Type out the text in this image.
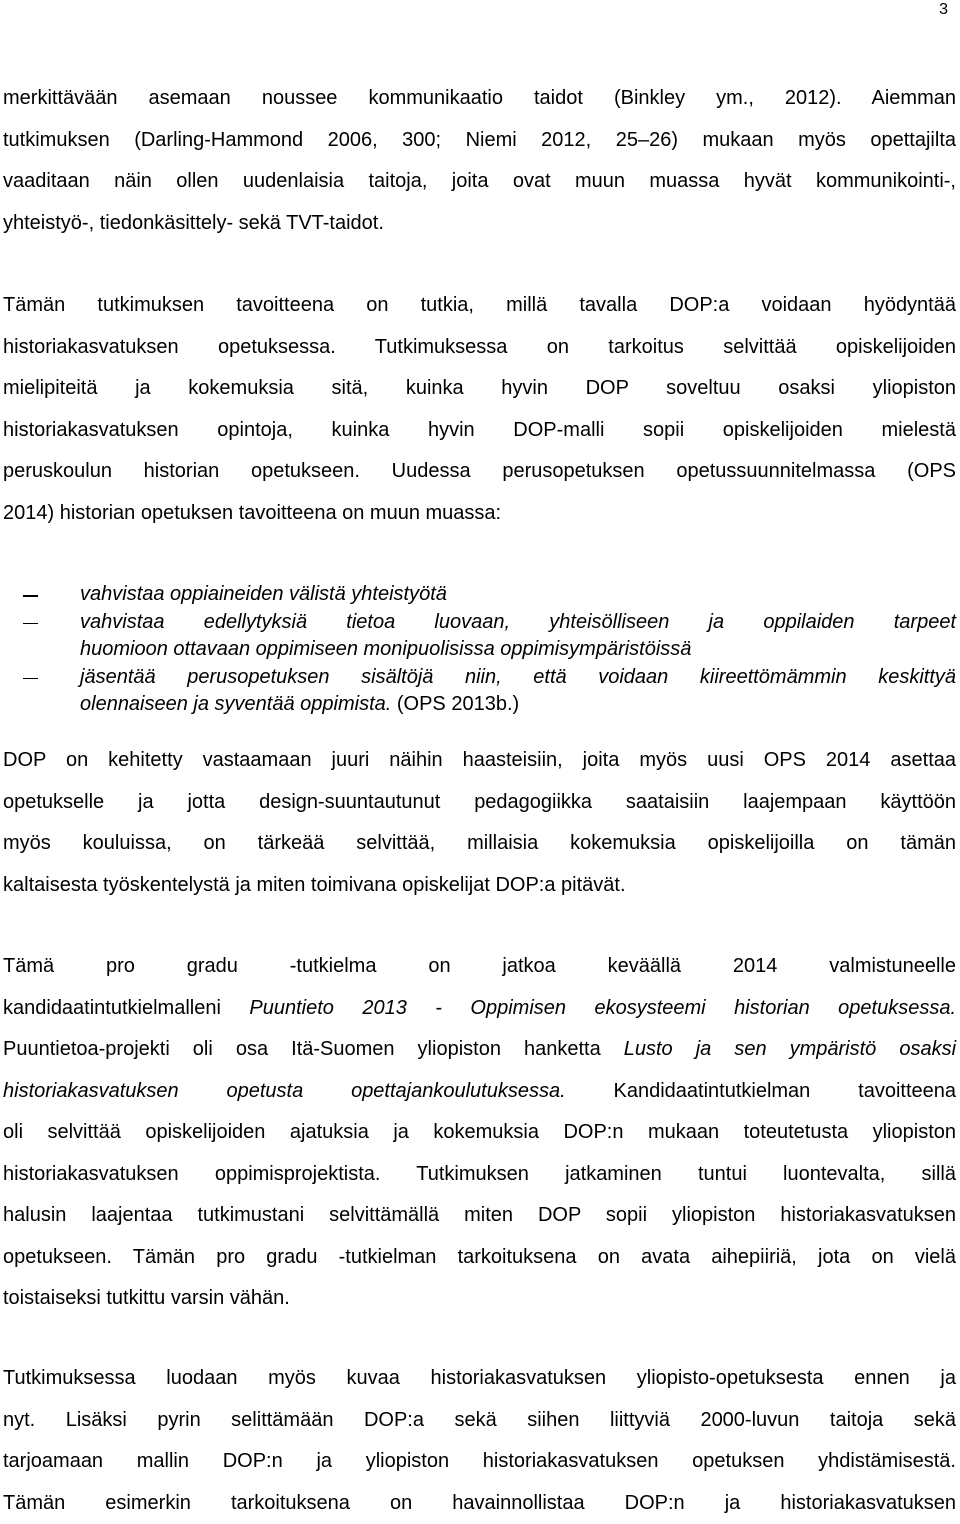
3
merkittävään asemaan noussee kommunikaatio taidot (Binkley ym., 2012). Aiemman
tutkimuksen (Darling-Hammond 2006, 300; Niemi 2012, 25–26) mukaan myös opettajilta
vaaditaan näin ollen uudenlaisia taitoja, joita ovat muun muassa hyvät kommunikointi-,
yhteistyö-, tiedonkäsittely- sekä TVT-taidot.
Tämän tutkimuksen tavoitteena on tutkia, millä tavalla DOP:a voidaan hyödyntää
historiakasvatuksen opetuksessa. Tutkimuksessa on tarkoitus selvittää opiskelijoiden
mielipiteitä ja kokemuksia sitä, kuinka hyvin DOP soveltuu osaksi yliopiston
historiakasvatuksen opintoja, kuinka hyvin DOP-malli sopii opiskelijoiden mielestä
peruskoulun historian opetukseen. Uudessa perusopetuksen opetussuunnitelmassa (OPS
2014) historian opetuksen tavoitteena on muun muassa:
vahvistaa oppiaineiden välistä yhteistyötä
vahvistaa edellytyksiä tietoa luovaan, yhteisölliseen ja oppilaiden tarpeet
huomioon ottavaan oppimiseen monipuolisissa oppimisympäristöissä
jäsentää perusopetuksen sisältöjä niin, että voidaan kiireettömämmin keskittyä
olennaiseen ja syventää oppimista. (OPS 2013b.)
DOP on kehitetty vastaamaan juuri näihin haasteisiin, joita myös uusi OPS 2014 asettaa
opetukselle ja jotta design-suuntautunut pedagogiikka saataisiin laajempaan käyttöön
myös kouluissa, on tärkeää selvittää, millaisia kokemuksia opiskelijoilla on tämän
kaltaisesta työskentelystä ja miten toimivana opiskelijat DOP:a pitävät.
Tämä pro gradu -tutkielma on jatkoa keväällä 2014 valmistuneelle
kandidaatintutkielmalleni Puuntieto 2013 - Oppimisen ekosysteemi historian opetuksessa.
Puuntietoa-projekti oli osa Itä-Suomen yliopiston hanketta Lusto ja sen ympäristö osaksi
historiakasvatuksen opetusta opettajankoulutuksessa. Kandidaatintutkielman tavoitteena
oli selvittää opiskelijoiden ajatuksia ja kokemuksia DOP:n mukaan toteutetusta yliopiston
historiakasvatuksen oppimisprojektista. Tutkimuksen jatkaminen tuntui luontevalta, sillä
halusin laajentaa tutkimustani selvittämällä miten DOP sopii yliopiston historiakasvatuksen
opetukseen. Tämän pro gradu -tutkielman tarkoituksena on avata aihepiiriä, jota on vielä
toistaiseksi tutkittu varsin vähän.
Tutkimuksessa luodaan myös kuvaa historiakasvatuksen yliopisto-opetuksesta ennen ja
nyt. Lisäksi pyrin selittämään DOP:a sekä siihen liittyviä 2000-luvun taitoja sekä
tarjoamaan mallin DOP:n ja yliopiston historiakasvatuksen opetuksen yhdistämisestä.
Tämän esimerkin tarkoituksena on havainnollistaa DOP:n ja historiakasvatuksen
